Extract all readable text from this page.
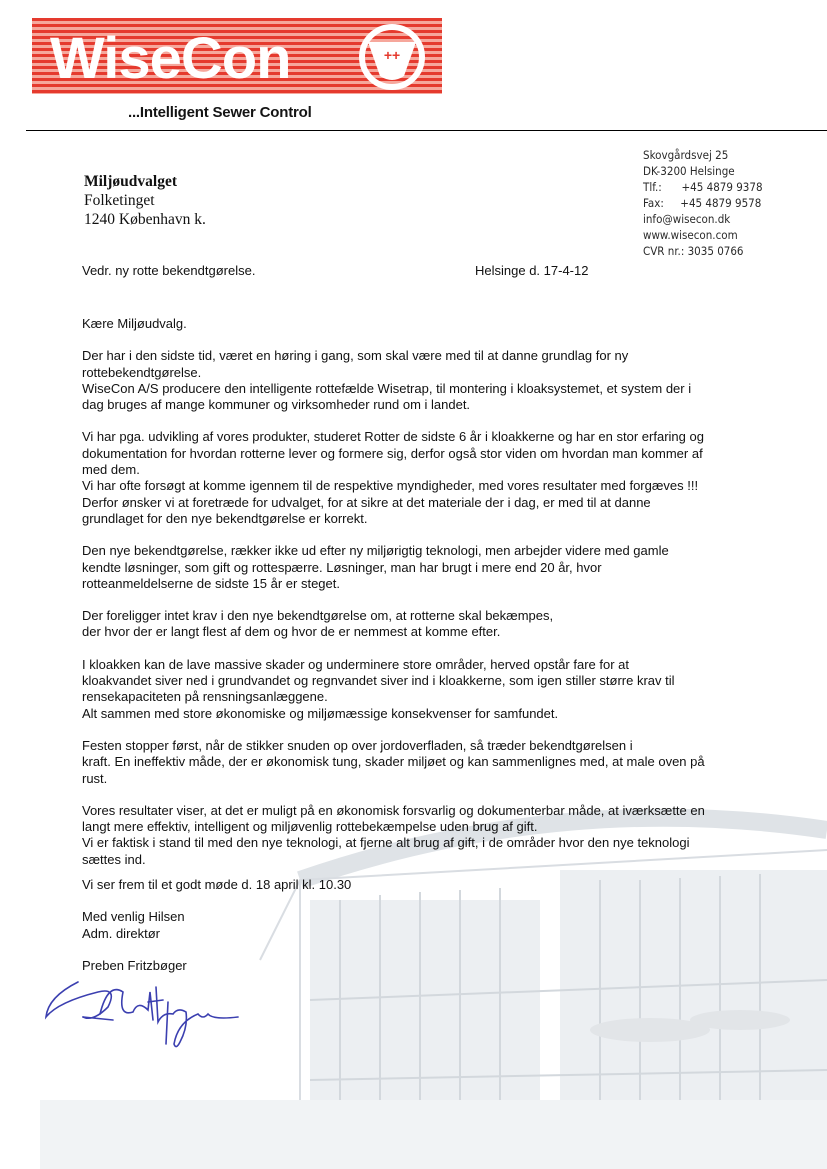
WiseCon	++
...Intelligent Sewer Control
Skovgårdsvej 25
DK-3200 Helsinge
Tlf.: +45 4879 9378
Fax: +45 4879 9578
info@wisecon.dk
www.wisecon.com
CVR nr.: 3035 0766
Miljøudvalget
Folketinget
1240 København k.
Vedr. ny rotte bekendtgørelse.	Helsinge d. 17-4-12

Kære Miljøudvalg.

Der har i den sidste tid, været en høring i gang, som skal være med til at danne grundlag for ny
rottebekendtgørelse.
WiseCon A/S producere den intelligente rottefælde Wisetrap, til montering i kloaksystemet, et system der i
dag bruges af mange kommuner og virksomheder rund om i landet.

Vi har pga. udvikling af vores produkter, studeret Rotter de sidste 6 år i kloakkerne og har en stor erfaring og
dokumentation for hvordan rotterne lever og formere sig, derfor også stor viden om hvordan man kommer af
med dem.
Vi har ofte forsøgt at komme igennem til de respektive myndigheder, med vores resultater med forgæves !!!
Derfor ønsker vi at foretræde for udvalget, for at sikre at det materiale der i dag, er med til at danne
grundlaget for den nye bekendtgørelse er korrekt.

Den nye bekendtgørelse, rækker ikke ud efter ny miljørigtig teknologi, men arbejder videre med gamle
kendte løsninger, som gift og rottespærre. Løsninger, man har brugt i mere end 20 år, hvor
rotteanmeldelserne de sidste 15 år er steget.

Der foreligger intet krav i den nye bekendtgørelse om, at rotterne skal bekæmpes,
der hvor der er langt flest af dem og hvor de er nemmest at komme efter.

I kloakken kan de lave massive skader og underminere store områder, herved opstår fare for at
kloakvandet siver ned i grundvandet og regnvandet siver ind i kloakkerne, som igen stiller større krav til
rensekapaciteten på rensningsanlæggene.
Alt sammen med store økonomiske og miljømæssige konsekvenser for samfundet.

Festen stopper først, når de stikker snuden op over jordoverfladen, så træder bekendtgørelsen i
kraft. En ineffektiv måde, der er økonomisk tung, skader miljøet og kan sammenlignes med, at male oven på
rust.

Vores resultater viser, at det er muligt på en økonomisk forsvarlig og dokumenterbar måde, at iværksætte en
langt mere effektiv, intelligent og miljøvenlig rottebekæmpelse uden brug af gift.
Vi er faktisk i stand til med den nye teknologi, at fjerne alt brug af gift, i de områder hvor den nye teknologi
sættes ind.

Vi ser frem til et godt møde d. 18 april kl. 10.30
Med venlig Hilsen
Adm. direktør
Preben Fritzbøger
